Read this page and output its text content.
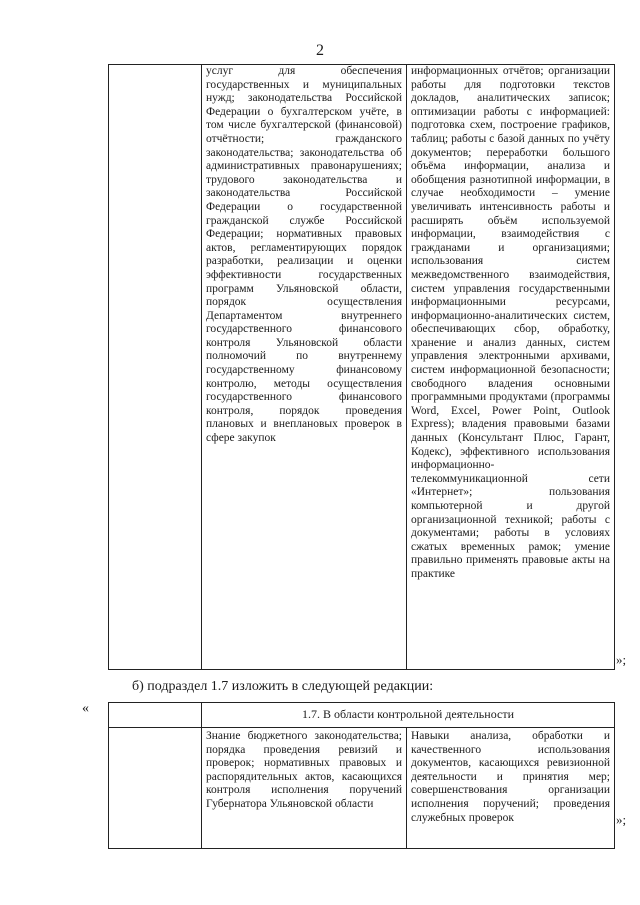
2
	услуг для обеспечения государственных и муниципальных нужд; законодательства Российской Федерации о бухгалтерском учёте, в том числе бухгалтерской (финансовой) отчётности; гражданского законодательства; законодательства об административных правонарушениях; трудового законодательства и законодательства Российской Федерации о государственной гражданской службе Российской Федерации; нормативных правовых актов, регламентирующих порядок разработки, реализации и оценки эффективности государственных программ Ульяновской области, порядок осуществления Департаментом внутреннего государственного финансового контроля Ульяновской области полномочий по внутреннему государственному финансовому контролю, методы осуществления государственного финансового контроля, порядок проведения плановых и внеплановых проверок в сфере закупок	информационных отчётов; организации работы для подготовки текстов докладов, аналитических записок; оптимизации работы с информацией: подготовка схем, построение графиков, таблиц; работы с базой данных по учёту документов; переработки большого объёма информации, анализа и обобщения разнотипной информации, в случае необходимости – умение увеличивать интенсивность работы и расширять объём используемой информации, взаимодействия с гражданами и организациями; использования систем межведомственного взаимодействия, систем управления государственными информационными ресурсами, информационно-аналитических систем, обеспечивающих сбор, обработку, хранение и анализ данных, систем управления электронными архивами, систем информационной безопасности; свободного владения основными программными продуктами (программы Word, Excel, Power Point, Outlook Express); владения правовыми базами данных (Консультант Плюс, Гарант, Кодекс), эффективного использования информационно-телекоммуникационной сети «Интернет»; пользования компьютерной и другой организационной техникой; работы с документами; работы в условиях сжатых временных рамок; умение правильно применять правовые акты на практике
»;
б) подраздел 1.7 изложить в следующей редакции:
«
		1.7. В области контрольной деятельности	
	Знание бюджетного законодательства; порядка проведения ревизий и проверок; нормативных правовых и распорядительных актов, касающихся контроля исполнения поручений Губернатора Ульяновской области	Навыки анализа, обработки и качественного использования документов, касающихся ревизионной деятельности и принятия мер; совершенствования организации исполнения поручений; проведения служебных проверок	»;
